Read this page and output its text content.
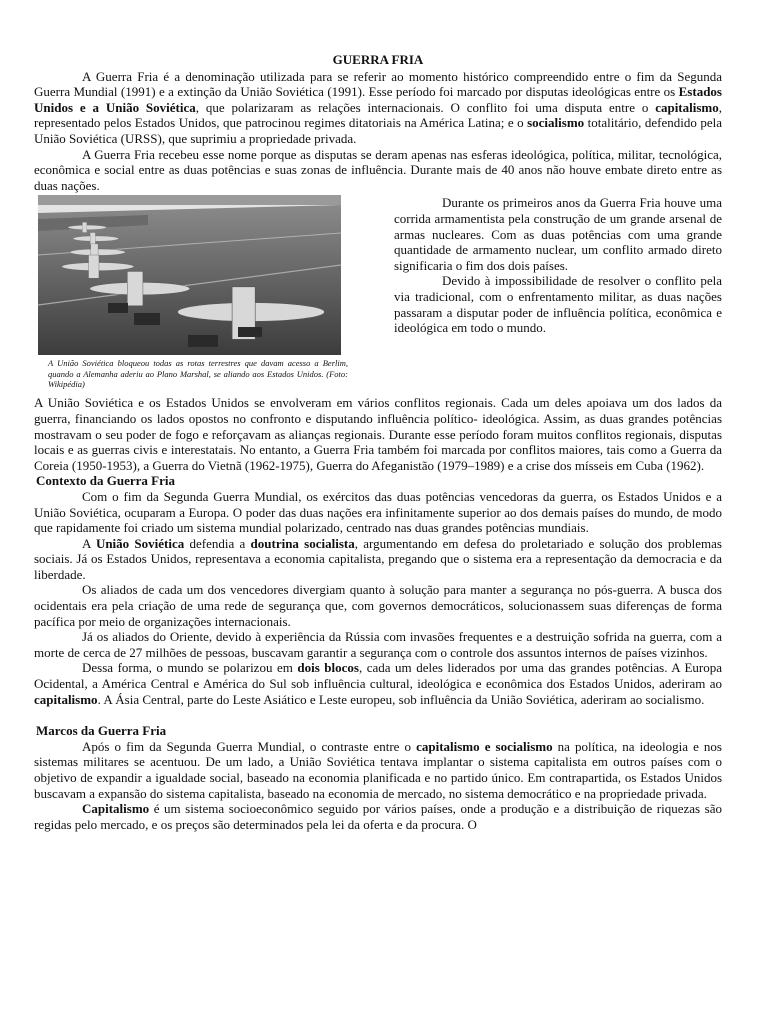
GUERRA FRIA

A Guerra Fria é a denominação utilizada para se referir ao momento histórico compreendido entre o fim da Segunda Guerra Mundial (1991) e a extinção da União Soviética (1991). Esse período foi marcado por disputas ideológicas entre os Estados Unidos e a União Soviética, que polarizaram as relações internacionais. O conflito foi uma disputa entre o capitalismo, representado pelos Estados Unidos, que patrocinou regimes ditatoriais na América Latina; e o socialismo totalitário, defendido pela União Soviética (URSS), que suprimiu a propriedade privada.

A Guerra Fria recebeu esse nome porque as disputas se deram apenas nas esferas ideológica, política, militar, tecnológica, econômica e social entre as duas potências e suas zonas de influência. Durante mais de 40 anos não houve embate direto entre as duas nações.

A União Soviética bloqueou todas as rotas terrestres que davam acesso a Berlim, quando a Alemanha aderiu ao Plano Marshal, se aliando aos Estados Unidos. (Foto: Wikipédia)

Durante os primeiros anos da Guerra Fria houve uma corrida armamentista pela construção de um grande arsenal de armas nucleares. Com as duas potências com uma grande quantidade de armamento nuclear, um conflito armado direto significaria o fim dos dois países.

Devido à impossibilidade de resolver o conflito pela via tradicional, com o enfrentamento militar, as duas nações passaram a disputar poder de influência política, econômica e ideológica em todo o mundo.

A União Soviética e os Estados Unidos se envolveram em vários conflitos regionais. Cada um deles apoiava um dos lados da guerra, financiando os lados opostos no confronto e disputando influência político- ideológica. Assim, as duas grandes potências mostravam o seu poder de fogo e reforçavam as alianças regionais. Durante esse período foram muitos conflitos regionais, disputas locais e as guerras civis e interestatais. No entanto, a Guerra Fria também foi marcada por conflitos maiores, tais como a Guerra da Coreia (1950-1953), a Guerra do Vietnã (1962-1975), Guerra do Afeganistão (1979–1989) e a crise dos mísseis em Cuba (1962).

Contexto da Guerra Fria

Com o fim da Segunda Guerra Mundial, os exércitos das duas potências vencedoras da guerra, os Estados Unidos e a União Soviética, ocuparam a Europa. O poder das duas nações era infinitamente superior ao dos demais países do mundo, de modo que rapidamente foi criado um sistema mundial polarizado, centrado nas duas grandes potências mundiais.

A União Soviética defendia a doutrina socialista, argumentando em defesa do proletariado e solução dos problemas sociais. Já os Estados Unidos, representava a economia capitalista, pregando que o sistema era a representação da democracia e da liberdade.

Os aliados de cada um dos vencedores divergiam quanto à solução para manter a segurança no pós-guerra. A busca dos ocidentais era pela criação de uma rede de segurança que, com governos democráticos, solucionassem suas diferenças de forma pacífica por meio de organizações internacionais.

Já os aliados do Oriente, devido à experiência da Rússia com invasões frequentes e a destruição sofrida na guerra, com a morte de cerca de 27 milhões de pessoas, buscavam garantir a segurança com o controle dos assuntos internos de países vizinhos.

Dessa forma, o mundo se polarizou em dois blocos, cada um deles liderados por uma das grandes potências. A Europa Ocidental, a América Central e América do Sul sob influência cultural, ideológica e econômica dos Estados Unidos, aderiram ao capitalismo. A Ásia Central, parte do Leste Asiático e Leste europeu, sob influência da União Soviética, aderiram ao socialismo.

Marcos da Guerra Fria

Após o fim da Segunda Guerra Mundial, o contraste entre o capitalismo e socialismo na política, na ideologia e nos sistemas militares se acentuou. De um lado, a União Soviética tentava implantar o sistema capitalista em outros países com o objetivo de expandir a igualdade social, baseado na economia planificada e no partido único. Em contrapartida, os Estados Unidos buscavam a expansão do sistema capitalista, baseado na economia de mercado, no sistema democrático e na propriedade privada.

Capitalismo é um sistema socioeconômico seguido por vários países, onde a produção e a distribuição de riquezas são regidas pelo mercado, e os preços são determinados pela lei da oferta e da procura. O
